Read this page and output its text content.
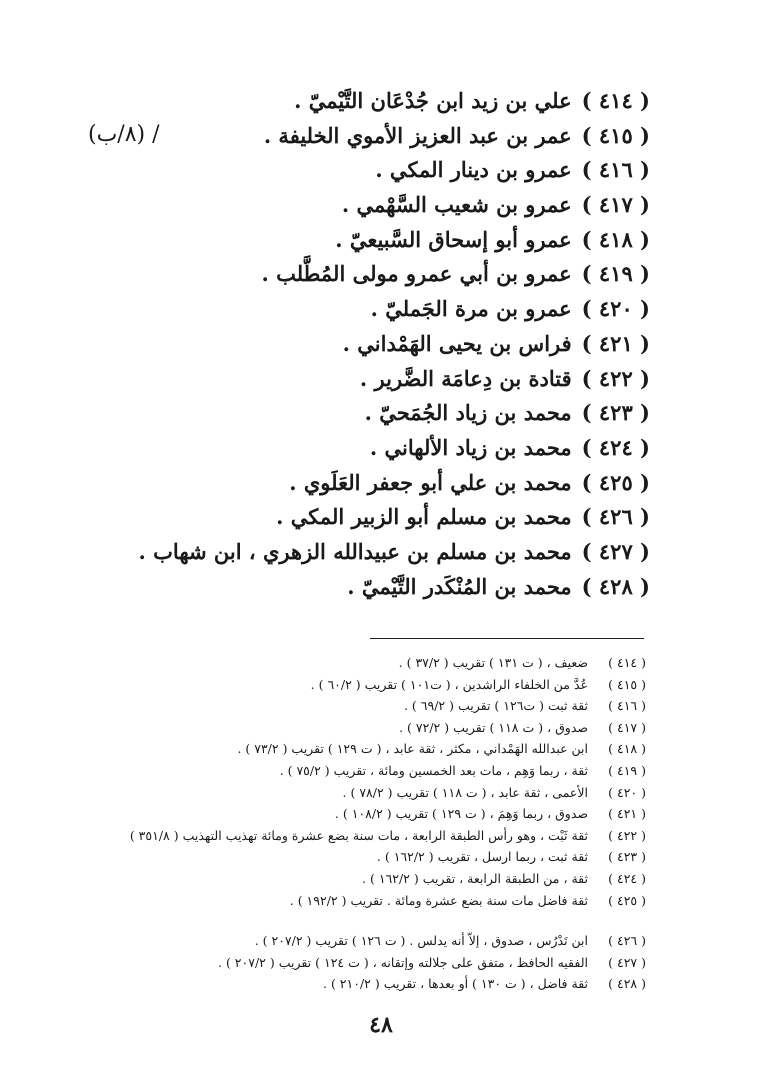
/ (٨/ب)
( ٤١٤ )علي بن زيد ابن جُدْعَان التَّيْميّ .
( ٤١٥ )عمر بن عبد العزيز الأموي الخليفة .
( ٤١٦ )عمرو بن دينار المكي .
( ٤١٧ )عمرو بن شعيب السَّهْمي .
( ٤١٨ )عمرو أبو إسحاق السَّبيعيّ .
( ٤١٩ )عمرو بن أبي عمرو مولى المُطَّلب .
( ٤٢٠ )عمرو بن مرة الجَمليّ .
( ٤٢١ )فراس بن يحيى الهَمْداني .
( ٤٢٢ )قتادة بن دِعامَة الضَّرير .
( ٤٢٣ )محمد بن زياد الجُمَحيّ .
( ٤٢٤ )محمد بن زياد الألهاني .
( ٤٢٥ )محمد بن علي أبو جعفر العَلَوي .
( ٤٢٦ )محمد بن مسلم أبو الزبير المكي .
( ٤٢٧ )محمد بن مسلم بن عبيدالله الزهري ، ابن شهاب .
( ٤٢٨ )محمد بن المُنْكَدر التَّيْميّ .
( ٤١٤ )ضعيف ، ( ت ١٣١ ) تقريب ( ٣٧/٢ ) .
( ٤١٥ )عُدَّ من الخلفاء الراشدين ، ( ت١٠١ ) تقريب ( ٦٠/٢ ) .
( ٤١٦ )ثقة ثبت ( ت١٢٦ ) تقريب ( ٦٩/٢ ) .
( ٤١٧ )صدوق ، ( ت ١١٨ ) تقريب ( ٧٢/٢ ) .
( ٤١٨ )ابن عبدالله الهَمْداني ، مكثر ، ثقة عابد ، ( ت ١٢٩ ) تقريب ( ٧٣/٢ ) .
( ٤١٩ )ثقة ، ربما وَهِم ، مات بعد الخمسين ومائة ، تقريب ( ٧٥/٢ ) .
( ٤٢٠ )الأعمى ، ثقة عابد ، ( ت ١١٨ ) تقريب ( ٧٨/٢ ) .
( ٤٢١ )صدوق ، ربما وَهِمَ ، ( ت ١٢٩ ) تقريب ( ١٠٨/٢ ) .
( ٤٢٢ )ثقة ثَبْت ، وهو رأس الطبقة الرابعة ، مات سنة بضع عشرة ومائة تهذيب التهذيب ( ٣٥١/٨ )
( ٤٢٣ )ثقة ثبت ، ربما ارسل ، تقريب ( ١٦٢/٢ ) .
( ٤٢٤ )ثقة ، من الطبقة الرابعة ، تقريب ( ١٦٢/٢ ) .
( ٤٢٥ )ثقة فاضل مات سنة بضع عشرة ومائة . تقريب ( ١٩٢/٢ ) .
( ٤٢٦ )ابن تَدْرُس ، صدوق ، إلاّ أنه يدلس . ( ت ١٢٦ ) تقريب ( ٢٠٧/٢ ) .
( ٤٢٧ )الفقيه الحافظ ، متفق على جلالته وإتقانه ، ( ت ١٢٤ ) تقريب ( ٢٠٧/٢ ) .
( ٤٢٨ )ثقة فاضل ، ( ت ١٣٠ ) أو بعدها ، تقريب ( ٢١٠/٢ ) .
٤٨
